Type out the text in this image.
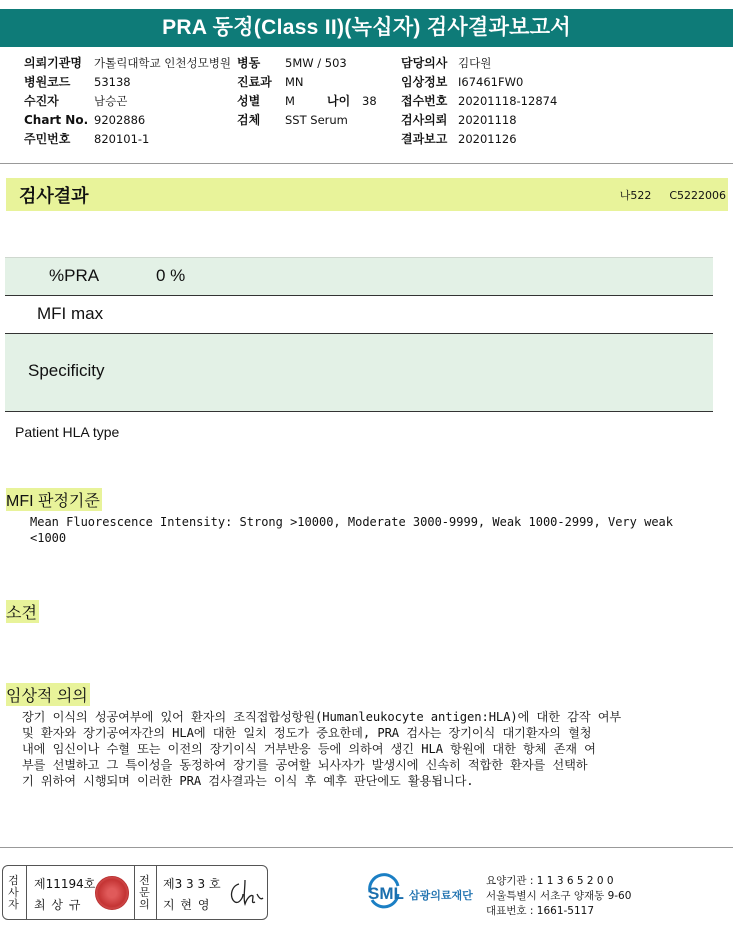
PRA 동정(Class II)(녹십자) 검사결과보고서
의뢰기관명 가톨릭대학교 인천성모병원
병원코드 53138
수진자	남승곤
Chart No. 9202886
주민번호 820101-1
병동 5MW / 503
진료과 MN
성별 M	나이 38
검체 SST Serum
담당의사 김다원
임상정보 I67461FW0
접수번호 20201118-12874
검사의뢰 20201118
결과보고 20201126
검사결과	나522 C5222006
%PRA	0 %
MFI max
Specificity
Patient HLA type
MFI 판정기준
Mean Fluorescence Intensity: Strong >10000, Moderate 3000-9999, Weak 1000-2999, Very weak
<1000
소견
임상적 의의
장기 이식의 성공여부에 있어 환자의 조직접합성항원(Humanleukocyte antigen:HLA)에 대한 감작 여부
및 환자와 장기공여자간의 HLA에 대한 일치 정도가 중요한데, PRA 검사는 장기이식 대기환자의 혈청
내에 임신이나 수혈 또는 이전의 장기이식 거부반응 등에 의하여 생긴 HLA 항원에 대한 항체 존재 여
부를 선별하고 그 특이성을 동정하여 장기를 공여할 뇌사자가 발생시에 신속히 적합한 환자를 선택하
기 위하여 시행되며 이러한 PRA 검사결과는 이식 후 예후 판단에도 활용됩니다.
검
사
자
제11194호
최 상 규
전
문
의
제3 3 3 호
지 현 영
SML 삼광의료재단
요양기관 : 1 1 3 6 5 2 0 0
서울특별시 서초구 양재동 9-60
대표번호 : 1661-5117
